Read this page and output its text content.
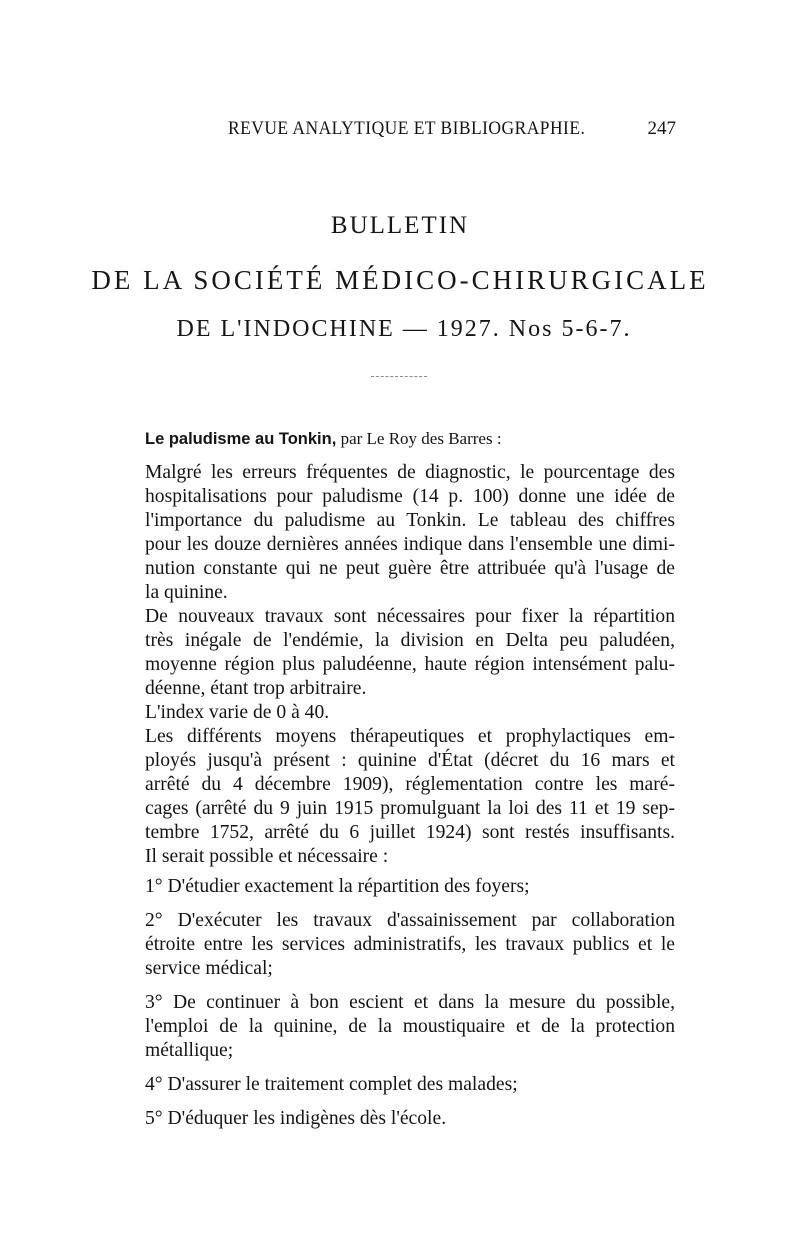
REVUE ANALYTIQUE ET BIBLIOGRAPHIE.	247
BULLETIN
DE LA SOCIÉTÉ MÉDICO-CHIRURGICALE
DE L'INDOCHINE — 1927. Nos 5-6-7.
Le paludisme au Tonkin, par Le Roy des Barres :
Malgré les erreurs fréquentes de diagnostic, le pourcentage des
hospitalisations pour paludisme (14 p. 100) donne une idée de
l'importance du paludisme au Tonkin. Le tableau des chiffres
pour les douze dernières années indique dans l'ensemble une dimi-
nution constante qui ne peut guère être attribuée qu'à l'usage de
la quinine.
De nouveaux travaux sont nécessaires pour fixer la répartition
très inégale de l'endémie, la division en Delta peu paludéen,
moyenne région plus paludéenne, haute région intensément palu-
déenne, étant trop arbitraire.
L'index varie de 0 à 40.
Les différents moyens thérapeutiques et prophylactiques em-
ployés jusqu'à présent : quinine d'État (décret du 16 mars et
arrêté du 4 décembre 1909), réglementation contre les maré-
cages (arrêté du 9 juin 1915 promulguant la loi des 11 et 19 sep-
tembre 1752, arrêté du 6 juillet 1924) sont restés insuffisants.
Il serait possible et nécessaire :
1° D'étudier exactement la répartition des foyers;
2° D'exécuter les travaux d'assainissement par collaboration
étroite entre les services administratifs, les travaux publics et le
service médical;
3° De continuer à bon escient et dans la mesure du possible,
l'emploi de la quinine, de la moustiquaire et de la protection
métallique;
4° D'assurer le traitement complet des malades;
5° D'éduquer les indigènes dès l'école.
